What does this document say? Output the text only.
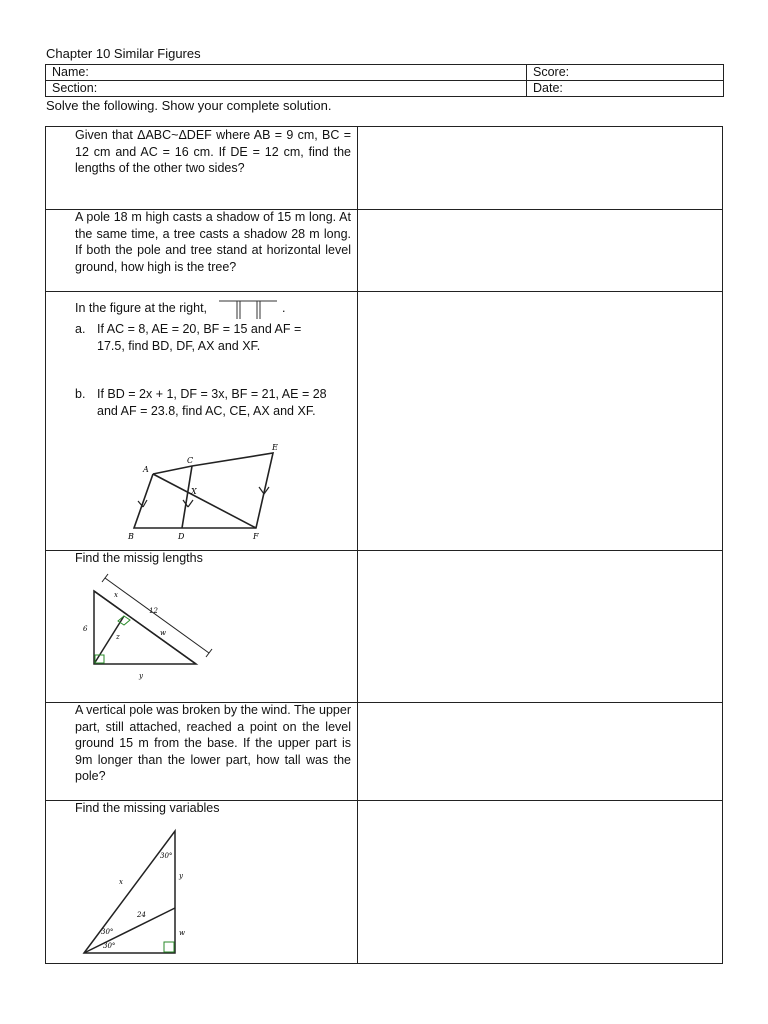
Chapter 10 Similar Figures
Name:	Score:
Section:	Date:
Solve the following. Show your complete solution.
Given that ΔABC~ΔDEF where AB = 9 cm, BC = 12 cm and AC = 16 cm. If DE = 12 cm, find the lengths of the other two sides?
A pole 18 m high casts a shadow of 15 m long. At the same time, a tree casts a shadow 28 m long. If both the pole and tree stand at horizontal level ground, how high is the tree?
In the figure at the right,	.
a. If AC = 8, AE = 20, BF = 15 and AF = 17.5, find BD, DF, AX and XF.
b. If BD = 2x + 1, DF = 3x, BF = 21, AE = 28 and AF = 23.8, find AC, CE, AX and XF.
A
B
C
D
E
F
X
Find the missig lengths
x
z	w
y
6
12
A vertical pole was broken by the wind. The upper part, still attached, reached a point on the level ground 15 m from the base. If the upper part is 9m longer than the lower part, how tall was the pole?
Find the missing variables
x
y
w
24
30°
30°
30°
